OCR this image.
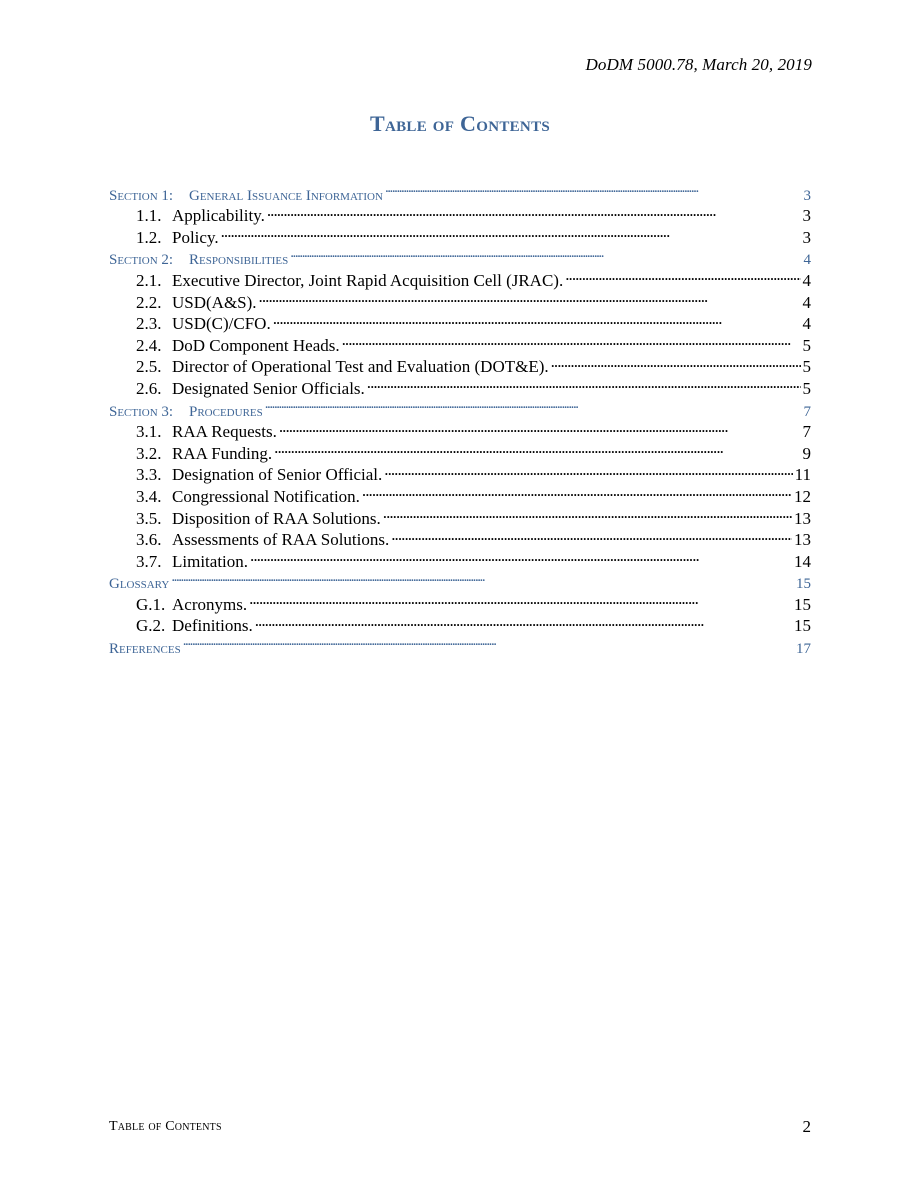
DoDM 5000.78, March 20, 2019
Table of Contents
Section 1: General Issuance Information . . .	3
1.1. Applicability. . . .	3
1.2. Policy. . . .	3
Section 2: Responsibilities . . .	4
2.1. Executive Director, Joint Rapid Acquisition Cell (JRAC). . . .	4
2.2. USD(A&S). . . .	4
2.3. USD(C)/CFO. . . .	4
2.4. DoD Component Heads. . . .	5
2.5. Director of Operational Test and Evaluation (DOT&E). . . .	5
2.6. Designated Senior Officials. . . .	5
Section 3: Procedures . . .	7
3.1. RAA Requests. . . .	7
3.2. RAA Funding. . . .	9
3.3. Designation of Senior Official. . . .	11
3.4. Congressional Notification. . . .	12
3.5. Disposition of RAA Solutions. . . .	13
3.6. Assessments of RAA Solutions. . . .	13
3.7. Limitation. . . .	14
Glossary . . .	15
G.1. Acronyms. . . .	15
G.2. Definitions. . . .	15
References . . .	17
Table of Contents	2
